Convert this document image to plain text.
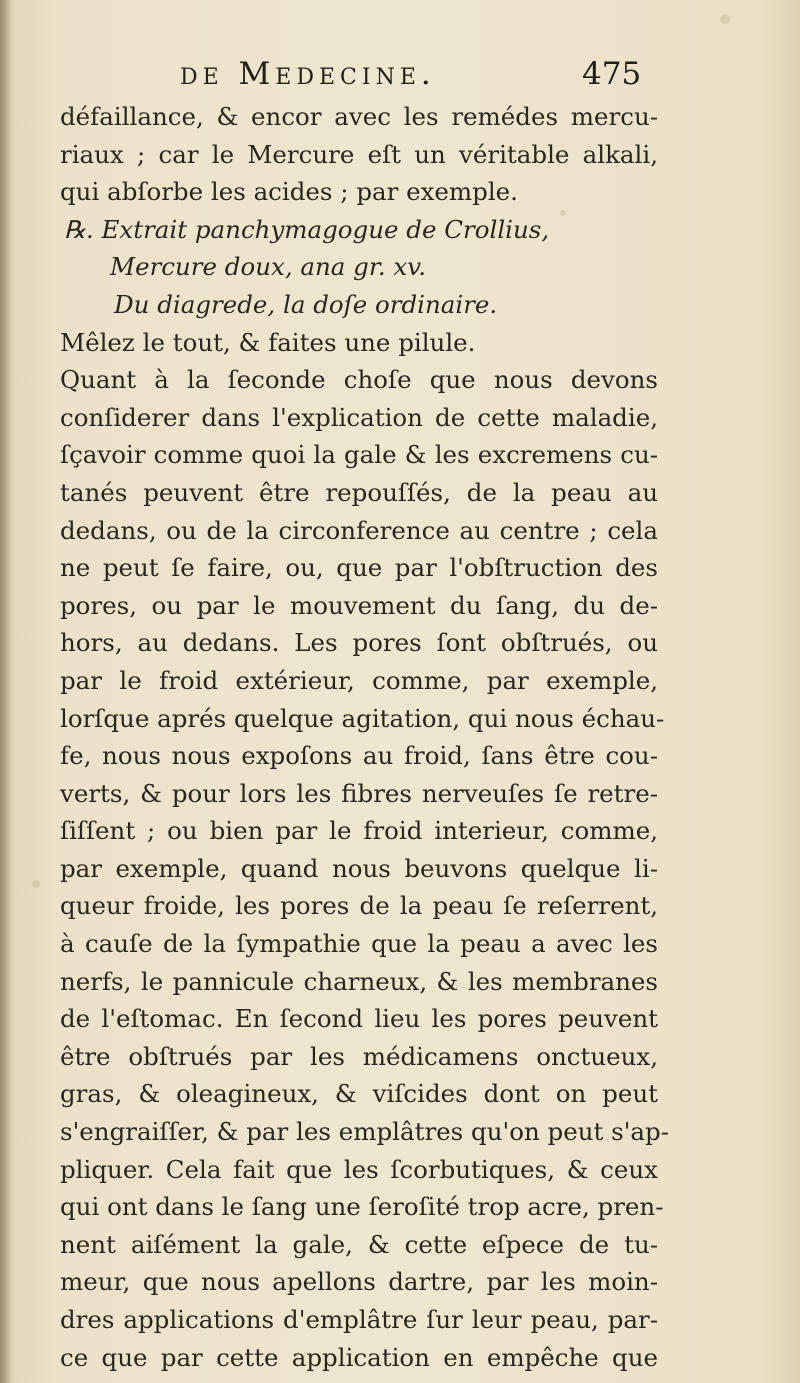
de Medecine.	475
défaillance, & encor avec les remédes mercu-
riaux ; car le Mercure eſt un véritable alkali,
qui abſorbe les acides ; par exemple.
℞. Extrait panchymagogue de Crollius,
Mercure doux, ana gr. xv.
Du diagrede, la doſe ordinaire.
Mêlez le tout, & faites une pilule.
Quant à la ſeconde choſe que nous devons
conſiderer dans l'explication de cette maladie,
ſçavoir comme quoi la gale & les excremens cu-
tanés peuvent être repouſſés, de la peau au
dedans, ou de la circonference au centre ; cela
ne peut ſe faire, ou, que par l'obſtruction des
pores, ou par le mouvement du ſang, du de-
hors, au dedans. Les pores ſont obſtrués, ou
par le froid extérieur, comme, par exemple,
lorſque aprés quelque agitation, qui nous échau-
fe, nous nous expoſons au froid, ſans être cou-
verts, & pour lors les fibres nerveuſes ſe retre-
ſiſſent ; ou bien par le froid interieur, comme,
par exemple, quand nous beuvons quelque li-
queur froide, les pores de la peau ſe reſerrent,
à cauſe de la ſympathie que la peau a avec les
nerfs, le pannicule charneux, & les membranes
de l'eſtomac. En ſecond lieu les pores peuvent
être obſtrués par les médicamens onctueux,
gras, & oleagineux, & viſcides dont on peut
s'engraiſſer, & par les emplâtres qu'on peut s'ap-
pliquer. Cela fait que les ſcorbutiques, & ceux
qui ont dans le ſang une ſeroſité trop acre, pren-
nent aiſément la gale, & cette eſpece de tu-
meur, que nous apellons dartre, par les moin-
dres applications d'emplâtre ſur leur peau, par-
ce que par cette application en empêche que
